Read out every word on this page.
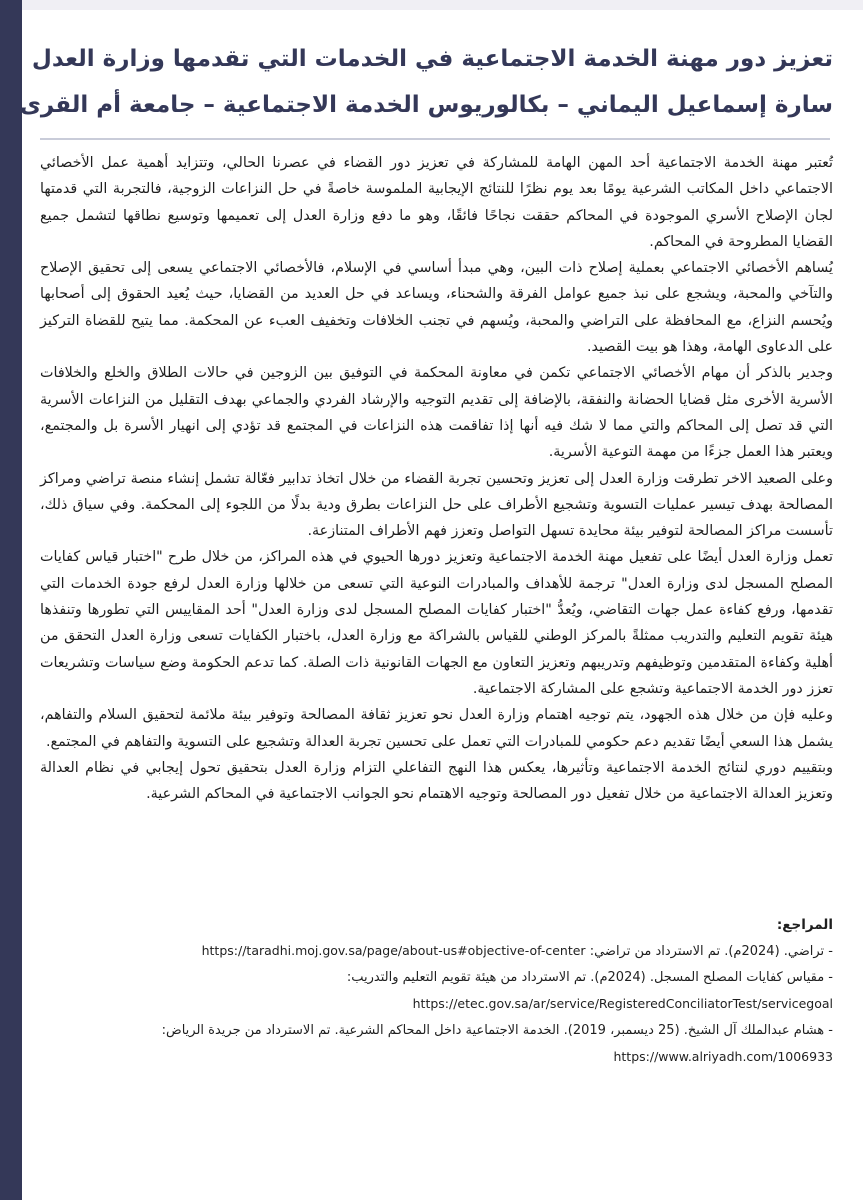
تعزيز دور مهنة الخدمة الاجتماعية في الخدمات التي تقدمها وزارة العدل
سارة إسماعيل اليماني – بكالوريوس الخدمة الاجتماعية – جامعة أم القرى

تُعتبر مهنة الخدمة الاجتماعية أحد المهن الهامة للمشاركة في تعزيز دور القضاء في عصرنا الحالي، وتتزايد أهمية عمل الأخصائي الاجتماعي داخل المكاتب الشرعية يومًا بعد يوم نظرًا للنتائج الإيجابية الملموسة خاصةً في حل النزاعات الزوجية، فالتجربة التي قدمتها لجان الإصلاح الأسري الموجودة في المحاكم حققت نجاحًا فائقًا، وهو ما دفع وزارة العدل إلى تعميمها وتوسيع نطاقها لتشمل جميع القضايا المطروحة في المحاكم.

يُساهم الأخصائي الاجتماعي بعملية إصلاح ذات البين، وهي مبدأ أساسي في الإسلام، فالأخصائي الاجتماعي يسعى إلى تحقيق الإصلاح والتآخي والمحبة، ويشجع على نبذ جميع عوامل الفرقة والشحناء، ويساعد في حل العديد من القضايا، حيث يُعيد الحقوق إلى أصحابها ويُحسم النزاع، مع المحافظة على التراضي والمحبة، ويُسهم في تجنب الخلافات وتخفيف العبء عن المحكمة. مما يتيح للقضاة التركيز على الدعاوى الهامة، وهذا هو بيت القصيد.

وجدير بالذكر أن مهام الأخصائي الاجتماعي تكمن في معاونة المحكمة في التوفيق بين الزوجين في حالات الطلاق والخلع والخلافات الأسرية الأخرى مثل قضايا الحضانة والنفقة، بالإضافة إلى تقديم التوجيه والإرشاد الفردي والجماعي بهدف التقليل من النزاعات الأسرية التي قد تصل إلى المحاكم والتي مما لا شك فيه أنها إذا تفاقمت هذه النزاعات في المجتمع قد تؤدي إلى انهيار الأسرة بل والمجتمع، ويعتبر هذا العمل جزءًا من مهمة التوعية الأسرية.

وعلى الصعيد الاخر تطرقت وزارة العدل إلى تعزيز وتحسين تجربة القضاء من خلال اتخاذ تدابير فعّالة تشمل إنشاء منصة تراضي ومراكز المصالحة بهدف تيسير عمليات التسوية وتشجيع الأطراف على حل النزاعات بطرق ودية بدلًا من اللجوء إلى المحكمة. وفي سياق ذلك، تأسست مراكز المصالحة لتوفير بيئة محايدة تسهل التواصل وتعزز فهم الأطراف المتنازعة.

تعمل وزارة العدل أيضًا على تفعيل مهنة الخدمة الاجتماعية وتعزيز دورها الحيوي في هذه المراكز، من خلال طرح "اختبار قياس كفايات المصلح المسجل لدى وزارة العدل" ترجمة للأهداف والمبادرات النوعية التي تسعى من خلالها وزارة العدل لرفع جودة الخدمات التي تقدمها، ورفع كفاءة عمل جهات التقاضي، ويُعدُّ "اختبار كفايات المصلح المسجل لدى وزارة العدل" أحد المقاييس التي تطورها وتنفذها هيئة تقويم التعليم والتدريب ممثلةً بالمركز الوطني للقياس بالشراكة مع وزارة العدل، باختبار الكفايات تسعى وزارة العدل التحقق من أهلية وكفاءة المتقدمين وتوظيفهم وتدريبهم وتعزيز التعاون مع الجهات القانونية ذات الصلة. كما تدعم الحكومة وضع سياسات وتشريعات تعزز دور الخدمة الاجتماعية وتشجع على المشاركة الاجتماعية.

وعليه فإن من خلال هذه الجهود، يتم توجيه اهتمام وزارة العدل نحو تعزيز ثقافة المصالحة وتوفير بيئة ملائمة لتحقيق السلام والتفاهم، يشمل هذا السعي أيضًا تقديم دعم حكومي للمبادرات التي تعمل على تحسين تجربة العدالة وتشجيع على التسوية والتفاهم في المجتمع.

وبتقييم دوري لنتائج الخدمة الاجتماعية وتأثيرها، يعكس هذا النهج التفاعلي التزام وزارة العدل بتحقيق تحول إيجابي في نظام العدالة وتعزيز العدالة الاجتماعية من خلال تفعيل دور المصالحة وتوجيه الاهتمام نحو الجوانب الاجتماعية في المحاكم الشرعية.

المراجع:

- تراضي. (2024م). تم الاسترداد من تراضي: https://taradhi.moj.gov.sa/page/about-us#objective-of-center

- مقياس كفايات المصلح المسجل. (2024م). تم الاسترداد من هيئة تقويم التعليم والتدريب:

https://etec.gov.sa/ar/service/RegisteredConciliatorTest/servicegoal

- هشام عبدالملك آل الشيخ. (25 ديسمبر، 2019). الخدمة الاجتماعية داخل المحاكم الشرعية. تم الاسترداد من جريدة الرياض:

https://www.alriyadh.com/1006933
